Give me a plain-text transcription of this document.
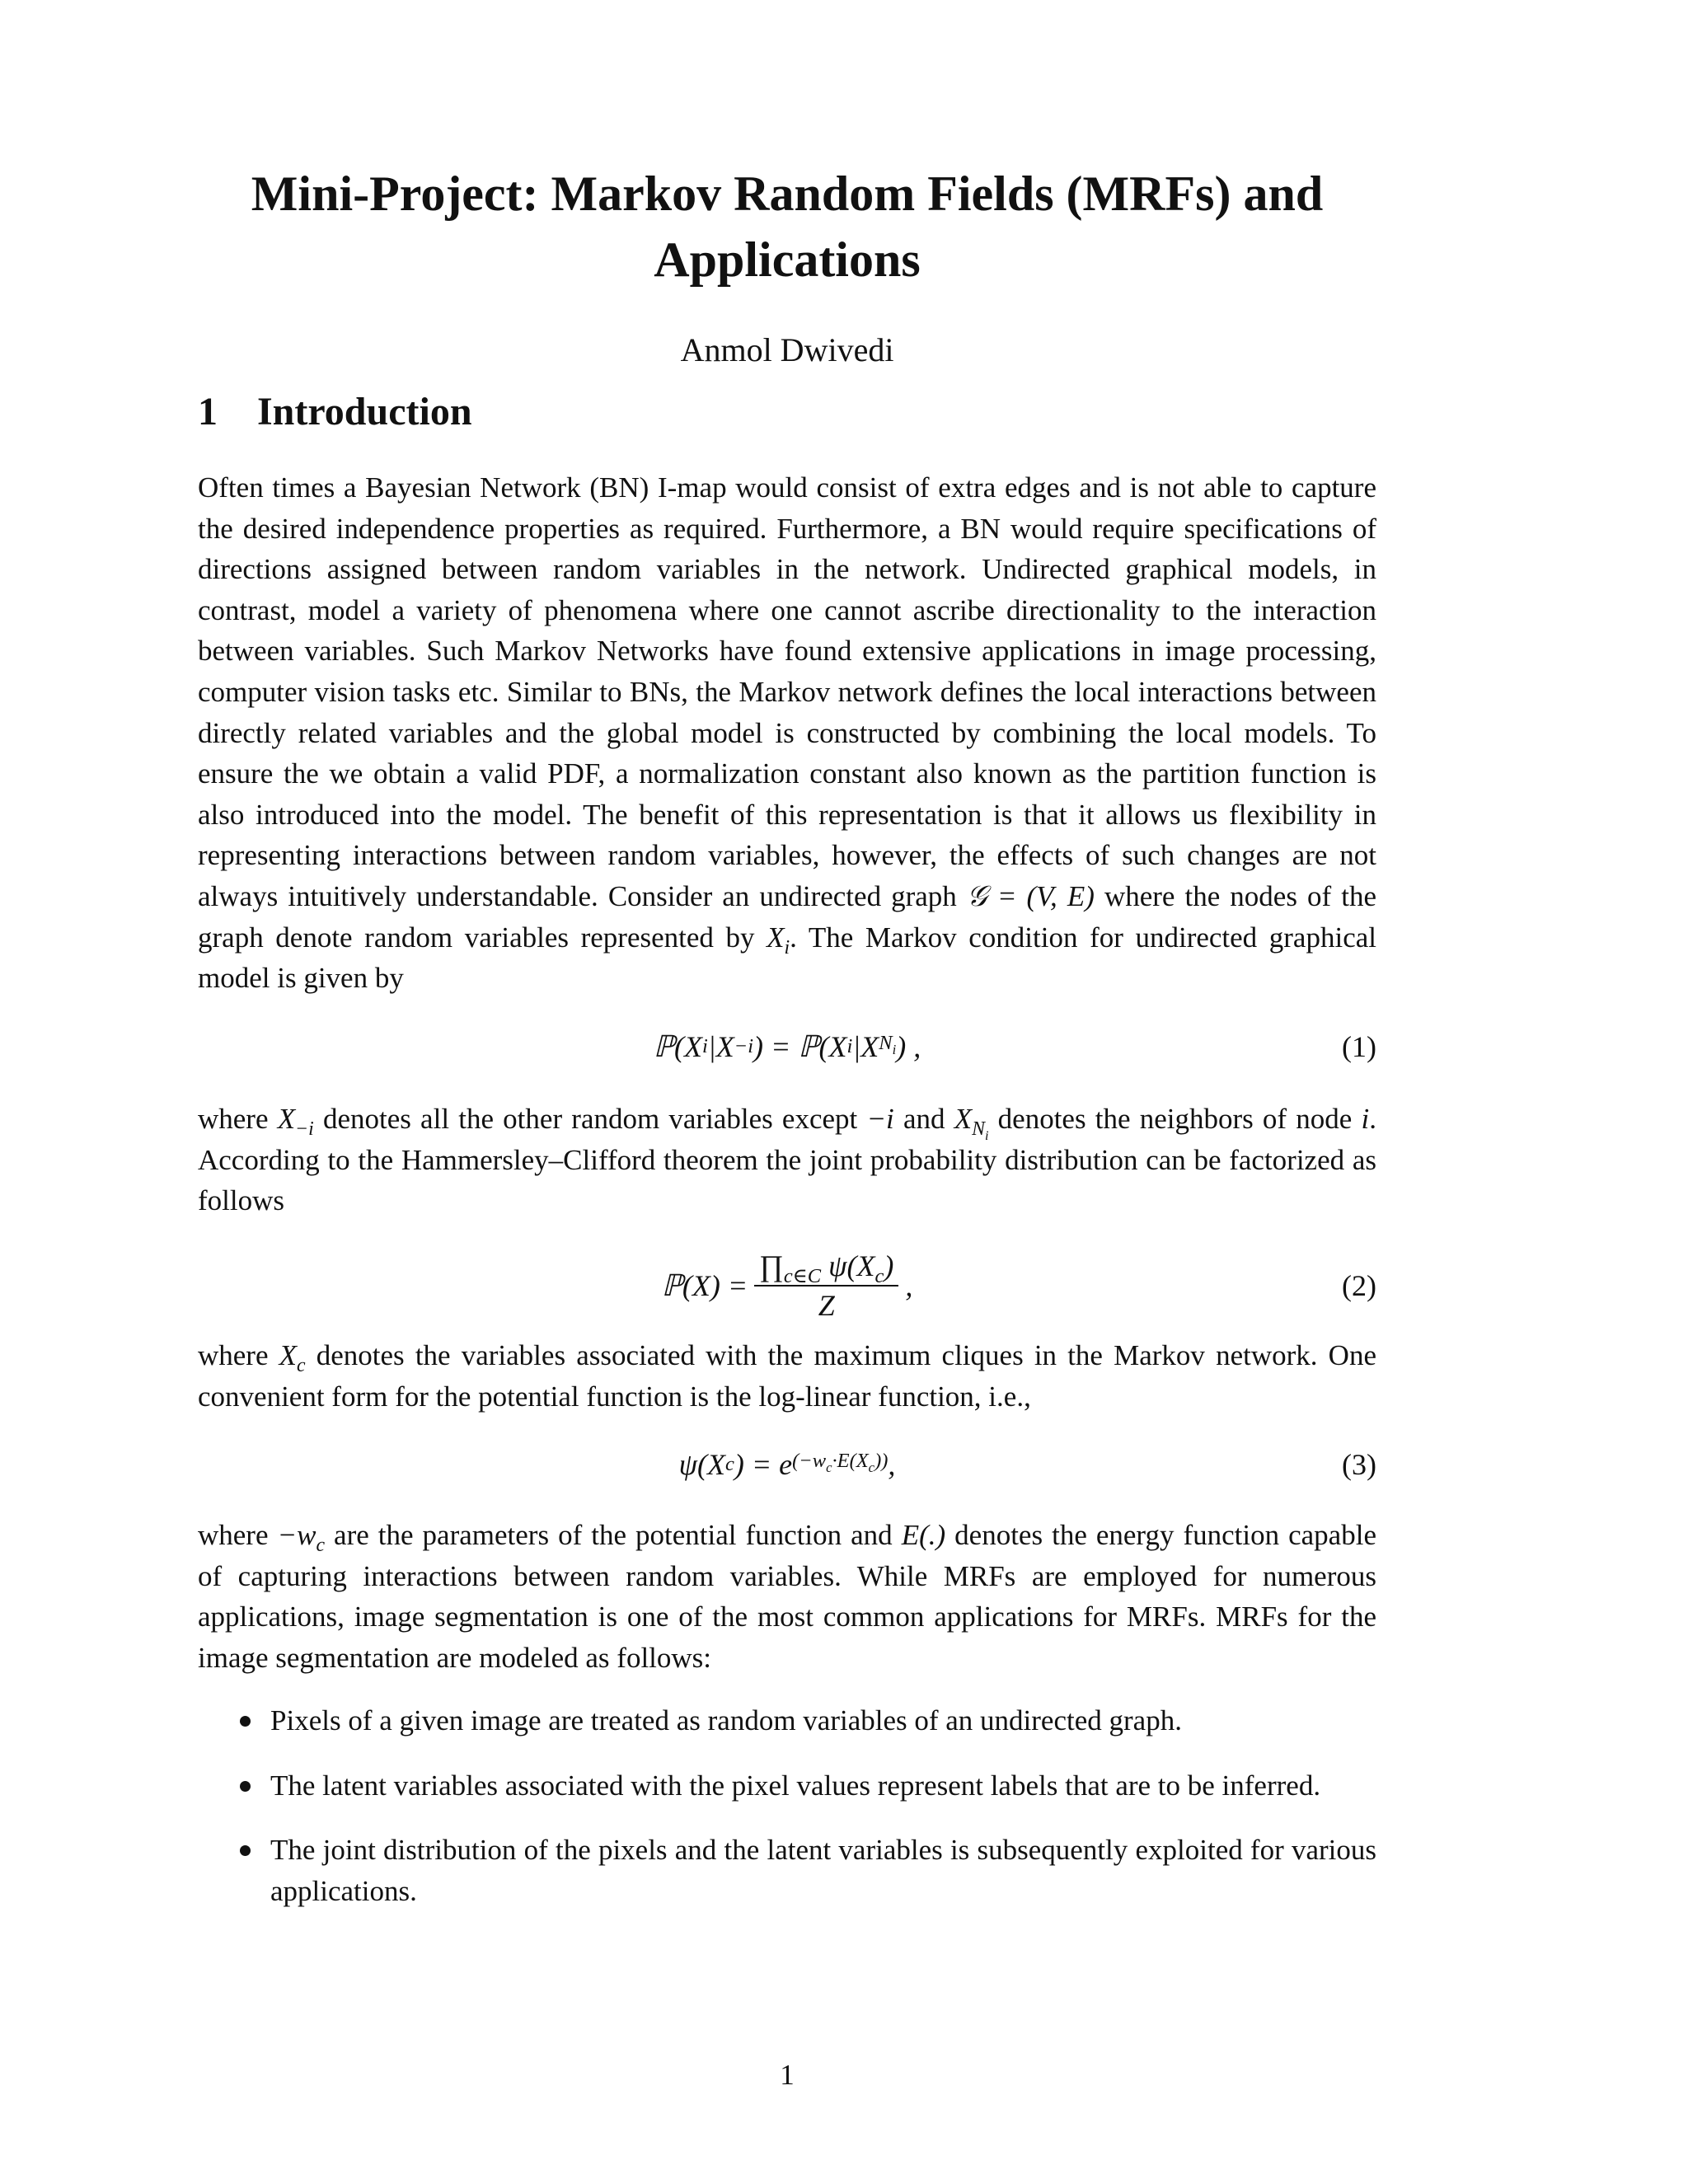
Mini-Project: Markov Random Fields (MRFs) and Applications
Anmol Dwivedi
1 Introduction
Often times a Bayesian Network (BN) I-map would consist of extra edges and is not able to capture the desired independence properties as required. Furthermore, a BN would require specifications of directions assigned between random variables in the network. Undirected graphical models, in contrast, model a variety of phenomena where one cannot ascribe directionality to the interaction between variables. Such Markov Networks have found extensive applications in image processing, computer vision tasks etc. Similar to BNs, the Markov network defines the local interactions between directly related variables and the global model is constructed by combining the local models. To ensure the we obtain a valid PDF, a normalization constant also known as the partition function is also introduced into the model. The benefit of this representation is that it allows us flexibility in representing interactions between random variables, however, the effects of such changes are not always intuitively understandable. Consider an undirected graph 𝒢 = (V, E) where the nodes of the graph denote random variables represented by $X_i$. The Markov condition for undirected graphical model is given by
ℙ(X i |X −i ) = ℙ(X i |X $N_i$ ) ,	(1)
where $X_{-i}$ denotes all the other random variables except −i and $X_{N_i}$ denotes the neighbors of node i. According to the Hammersley–Clifford theorem the joint probability distribution can be factorized as follows
ℙ(X) = $\frac{\prod_{c\in C} \psi(X_c)}{Z}$ ,	(2)
where $X_c$ denotes the variables associated with the maximum cliques in the Markov network. One convenient form for the potential function is the log-linear function, i.e.,
ψ(X c ) = e $(-w_c\cdot E(X_c))$ ,	(3)
where $-w_c$ are the parameters of the potential function and E(.) denotes the energy function capable of capturing interactions between random variables. While MRFs are employed for numerous applications, image segmentation is one of the most common applications for MRFs. MRFs for the image segmentation are modeled as follows:
Pixels of a given image are treated as random variables of an undirected graph.
The latent variables associated with the pixel values represent labels that are to be inferred.
The joint distribution of the pixels and the latent variables is subsequently exploited for various applications.
1
